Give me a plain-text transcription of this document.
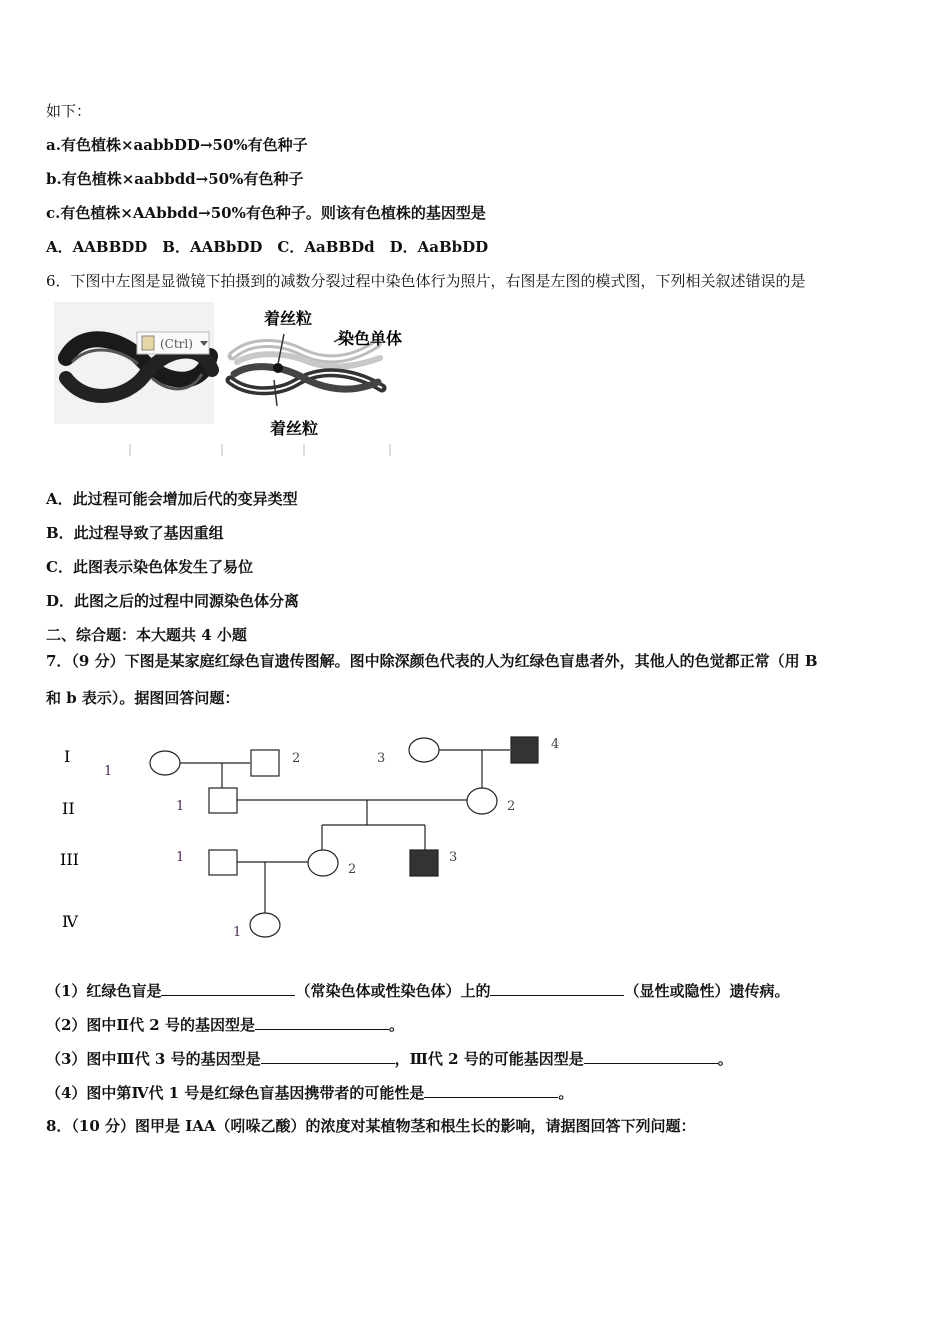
如下：
a.有色植株×aabbDD→50%有色种子
b.有色植株×aabbdd→50%有色种子
c.有色植株×AAbbdd→50%有色种子。则该有色植株的基因型是
A．AABBDD　B．AABbDD　C．AaBBDd　D．AaBbDD
6．下图中左图是显微镜下拍摄到的减数分裂过程中染色体行为照片，右图是左图的模式图，下列相关叙述错误的是
(Ctrl)
着丝粒
染色单体
着丝粒
A．此过程可能会增加后代的变异类型
B．此过程导致了基因重组
C．此图表示染色体发生了易位
D．此图之后的过程中同源染色体分离
二、综合题：本大题共 4 小题
7．（9 分）下图是某家庭红绿色盲遗传图解。图中除深颜色代表的人为红绿色盲患者外，其他人的色觉都正常（用 B
和 b 表示）。据图回答问题：
I
II
III
Ⅳ
1
2	3
4
1	2
1
2
3
1
（1）红绿色盲是	（常染色体或性染色体）上的	（显性或隐性）遗传病。
（2）图中Ⅱ代 2 号的基因型是	。
（3）图中Ⅲ代 3 号的基因型是	，Ⅲ代 2 号的可能基因型是	。
（4）图中第Ⅳ代 1 号是红绿色盲基因携带者的可能性是	。
8．（10 分）图甲是 IAA（吲哚乙酸）的浓度对某植物茎和根生长的影响，请据图回答下列问题：
